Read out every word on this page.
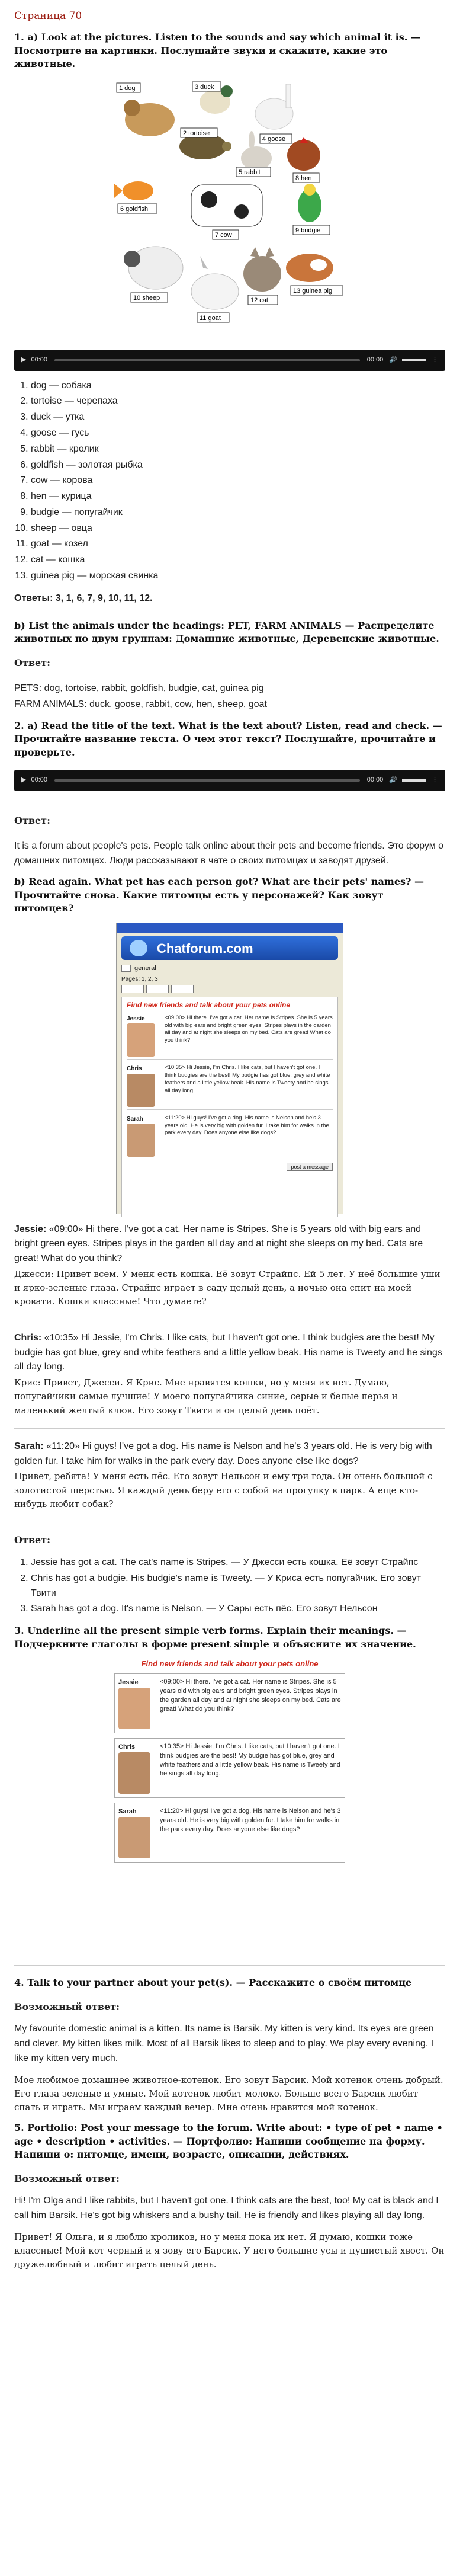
Страница 70
1. a) Look at the pictures. Listen to the sounds and say which animal it is. — Посмотрите на картинки. Послушайте звуки и скажите, какие это животные.
1 dog
2 tortoise
3 duck
4 goose
5 rabbit
6 goldfish
7 cow
8 hen
9 budgie
10 sheep
11 goat
12 cat
13 guinea pig
▶ 00:00	00:00 🔊	⋮
1. dog — собака
2. tortoise — черепаха
3. duck — утка
4. goose — гусь
5. rabbit — кролик
6. goldfish — золотая рыбка
7. cow — корова
8. hen — курица
9. budgie — попугайчик
10. sheep — овца
11. goat — козел
12. cat — кошка
13. guinea pig — морская свинка

Ответы: 3, 1, 6, 7, 9, 10, 11, 12.

b) List the animals under the headings: PET, FARM ANIMALS — Распределите животных по двум группам: Домашние животные, Деревенские животные.

Ответ:

PETS: dog, tortoise, rabbit, goldfish, budgie, cat, guinea pig

FARM ANIMALS: duck, goose, rabbit, cow, hen, sheep, goat

2. a) Read the title of the text. What is the text about? Listen, read and check. — Прочитайте название текста. О чем этот текст? Послушайте, прочитайте и проверьте.
▶ 00:00	00:00 🔊	⋮

Ответ:

It is a forum about people's pets. People talk online about their pets and become friends. Это форум о домашних питомцах. Люди рассказывают в чате о своих питомцах и заводят друзей.

b) Read again. What pet has each person got? What are their pets' names? — Прочитайте снова. Какие питомцы есть у персонажей? Как зовут питомцев?
Chatforum.com
general
Pages: 1, 2, 3
Find new friends and talk about your pets online
Jessie	<09:00> Hi there. I've got a cat. Her name is Stripes. She is 5 years old with big ears and bright green eyes. Stripes plays in the garden all day and at night she sleeps on my bed. Cats are great! What do you think?
Chris	<10:35> Hi Jessie, I'm Chris. I like cats, but I haven't got one. I think budgies are the best! My budgie has got blue, grey and white feathers and a little yellow beak. His name is Tweety and he sings all day long.
Sarah	<11:20> Hi guys! I've got a dog. His name is Nelson and he's 3 years old. He is very big with golden fur. I take him for walks in the park every day. Does anyone else like dogs?
post a message

Jessie: «09:00» Hi there. I've got a cat. Her name is Stripes. She is 5 years old with big ears and bright green eyes. Stripes plays in the garden all day and at night she sleeps on my bed. Cats are great! What do you think?

Джесси: Привет всем. У меня есть кошка. Её зовут Страйпс. Ей 5 лет. У неё большие уши и ярко-зеленые глаза. Страйпс играет в саду целый день, а ночью она спит на моей кровати. Кошки классные! Что думаете?

Chris: «10:35» Hi Jessie, I'm Chris. I like cats, but I haven't got one. I think budgies are the best! My budgie has got blue, grey and white feathers and a little yellow beak. His name is Tweety and he sings all day long.

Крис: Привет, Джесси. Я Крис. Мне нравятся кошки, но у меня их нет. Думаю, попугайчики самые лучшие! У моего попугайчика синие, серые и белые перья и маленький желтый клюв. Его зовут Твити и он целый день поёт.

Sarah: «11:20» Hi guys! I've got a dog. His name is Nelson and he's 3 years old. He is very big with golden fur. I take him for walks in the park every day. Does anyone else like dogs?

Привет, ребята! У меня есть пёс. Его зовут Нельсон и ему три года. Он очень большой с золотистой шерстью. Я каждый день беру его с собой на прогулку в парк. А еще кто-нибудь любит собак?

Ответ:

1. Jessie has got a cat. The cat's name is Stripes. — У Джесси есть кошка. Её зовут Страйпс
2. Chris has got a budgie. His budgie's name is Tweety. — У Криса есть попугайчик. Его зовут Твити
3. Sarah has got a dog. It's name is Nelson. — У Сары есть пёс. Его зовут Нельсон
3. Underline all the present simple verb forms. Explain their meanings. — Подчеркните глаголы в форме present simple и объясните их значение.
Find new friends and talk about your pets online
Jessie	<09:00> Hi there. I've got a cat. Her name is Stripes. She is 5 years old with big ears and bright green eyes. Stripes plays in the garden all day and at night she sleeps on my bed. Cats are great! What do you think?
Chris	<10:35> Hi Jessie, I'm Chris. I like cats, but I haven't got one. I think budgies are the best! My budgie has got blue, grey and white feathers and a little yellow beak. His name is Tweety and he sings all day long.
Sarah	<11:20> Hi guys! I've got a dog. His name is Nelson and he's 3 years old. He is very big with golden fur. I take him for walks in the park every day. Does anyone else like dogs?
4. Talk to your partner about your pet(s). — Расскажите о своём питомце

Возможный ответ:

My favourite domestic animal is a kitten. Its name is Barsik. My kitten is very kind. Its eyes are green and clever. My kitten likes milk. Most of all Barsik likes to sleep and to play. We play every evening. I like my kitten very much.

Мое любимое домашнее животное-котенок. Его зовут Барсик. Мой котенок очень добрый. Его глаза зеленые и умные. Мой котенок любит молоко. Больше всего Барсик любит спать и играть. Мы играем каждый вечер. Мне очень нравится мой котенок.

5. Portfolio: Post your message to the forum. Write about: • type of pet • name • age • description • activities. — Портфолио: Напиши сообщение на форму. Напиши о: питомце, имени, возрасте, описании, действиях.

Возможный ответ:

Hi! I'm Olga and I like rabbits, but I haven't got one. I think cats are the best, too! My cat is black and I call him Barsik. He's got big whiskers and a bushy tail. He is friendly and likes playing all day long.

Привет! Я Ольга, и я люблю кроликов, но у меня пока их нет. Я думаю, кошки тоже классные! Мой кот черный и я зову его Барсик. У него большие усы и пушистый хвост. Он дружелюбный и любит играть целый день.
